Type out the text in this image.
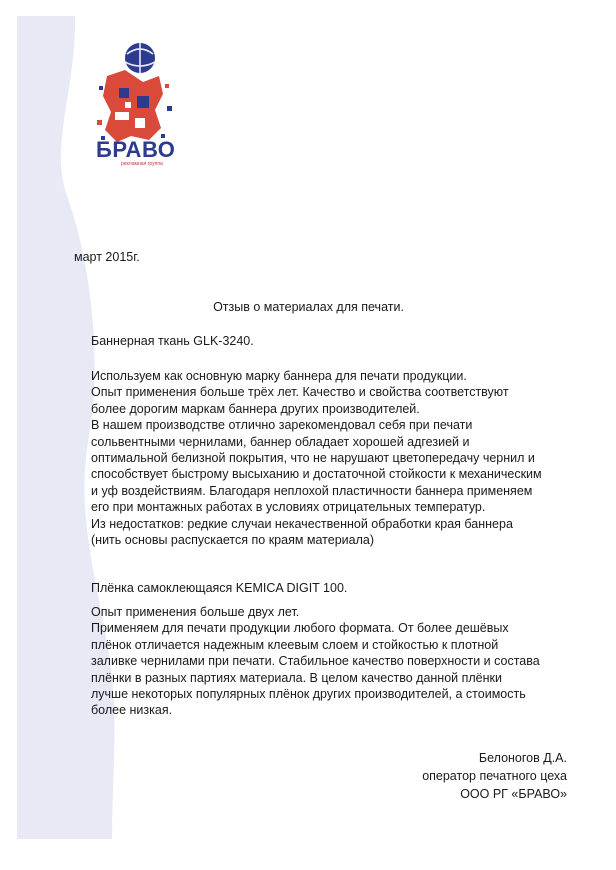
БРАВО
рекламная группа
март 2015г.
Отзыв о материалах для печати.
Баннерная ткань GLK-3240.
Используем как основную марку баннера для печати продукции.
Опыт применения больше трёх лет. Качество и свойства соответствуют
более дорогим маркам баннера других производителей.
В нашем производстве отлично зарекомендовал себя при печати
сольвентными чернилами, баннер обладает хорошей адгезией и
оптимальной белизной покрытия, что не нарушают цветопередачу чернил и
способствует быстрому высыханию и достаточной стойкости к механическим
и уф воздействиям. Благодаря неплохой пластичности баннера применяем
его при монтажных работах в условиях отрицательных температур.
Из недостатков: редкие случаи некачественной обработки края баннера
(нить основы распускается по краям материала)
Плёнка самоклеющаяся KEMICA DIGIT 100.
Опыт применения больше двух лет.
Применяем для печати продукции любого формата. От более дешёвых
плёнок отличается надежным клеевым слоем и стойкостью к плотной
заливке чернилами при печати. Стабильное качество поверхности и состава
плёнки в разных партиях материала. В целом качество данной плёнки
лучше некоторых популярных плёнок других производителей, а стоимость
более низкая.
Белоногов Д.А.
оператор печатного цеха
ООО РГ «БРАВО»
